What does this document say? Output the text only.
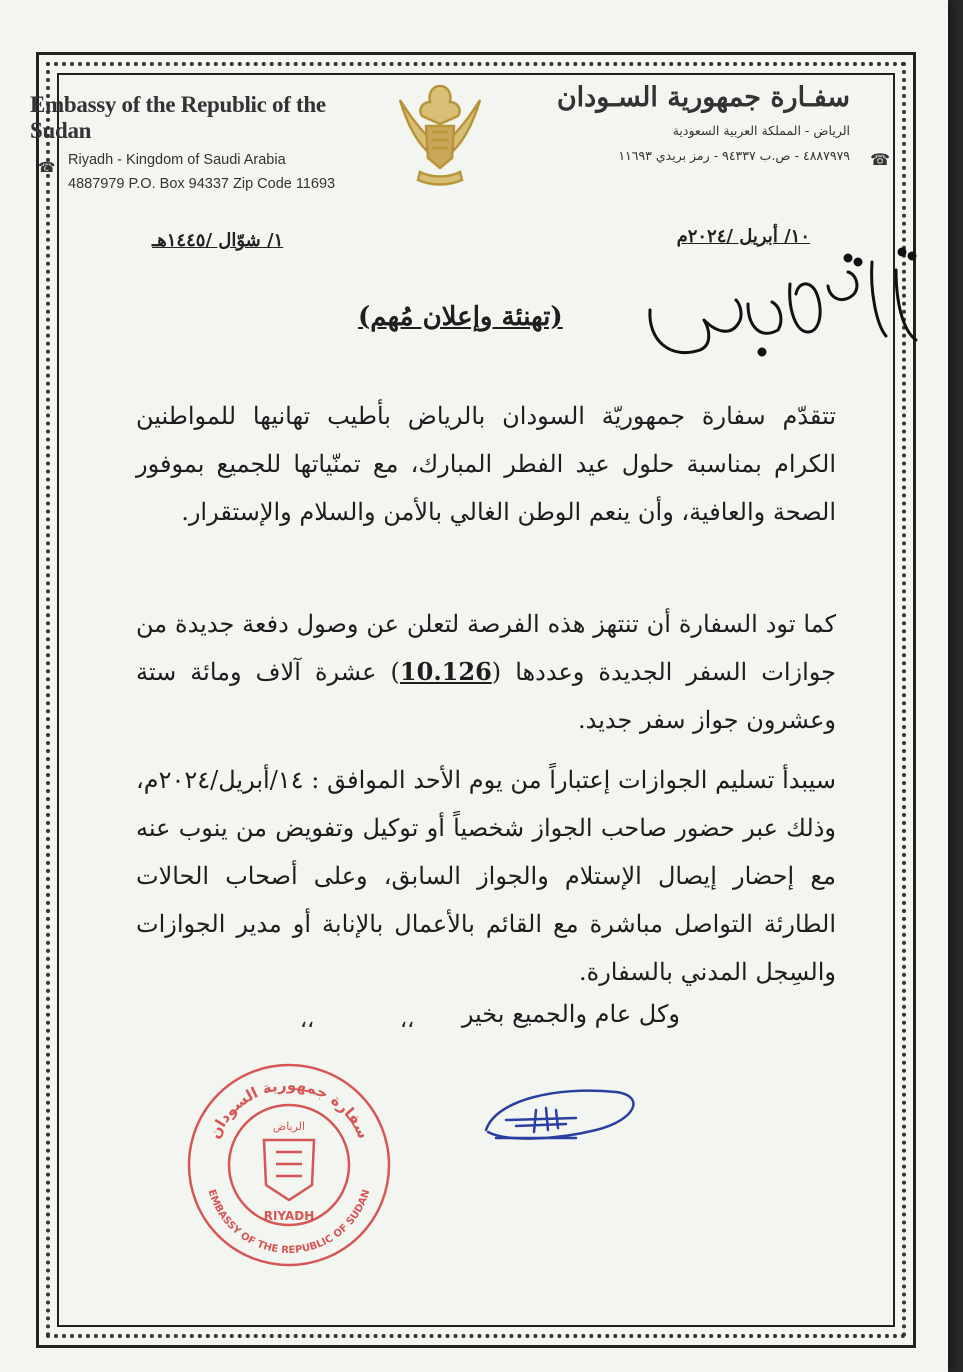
Embassy of the Republic of the Sudan
Riyadh - Kingdom of Saudi Arabia
☎
4887979 P.O. Box 94337 Zip Code 11693
سفـارة جمهورية السـودان
الرياض - المملكة العربية السعودية
☎
٤٨٨٧٩٧٩ - ص.ب ٩٤٣٣٧ - رمز بريدي ١١٦٩٣
١٠/ أبريل /٢٠٢٤م
١/ شوّال /١٤٤٥هـ	ثانية بيرس
(تهنئة وإعلان مُهم)
تتقدّم سفارة جمهوريّة السودان بالرياض بأطيب تهانيها للمواطنين الكرام بمناسبة حلول عيد الفطر المبارك، مع تمنّياتها للجميع بموفور الصحة والعافية، وأن ينعم الوطن الغالي بالأمن والسلام والإستقرار.
كما تود السفارة أن تنتهز هذه الفرصة لتعلن عن وصول دفعة جديدة من جوازات السفر الجديدة وعددها (10.126) عشرة آلاف ومائة ستة وعشرون جواز سفر جديد.
سيبدأ تسليم الجوازات إعتباراً من يوم الأحد الموافق : ١٤/أبريل/٢٠٢٤م، وذلك عبر حضور صاحب الجواز شخصياً أو توكيل وتفويض من ينوب عنه مع إحضار إيصال الإستلام والجواز السابق، وعلى أصحاب الحالات الطارئة التواصل مباشرة مع القائم بالأعمال بالإنابة أو مدير الجوازات والسِجل المدني بالسفارة.
وكل عام والجميع بخير
،،	،،
سفارة جمهورية السودان
الرياض
EMBASSY OF THE REPUBLIC OF SUDAN
RIYADH
